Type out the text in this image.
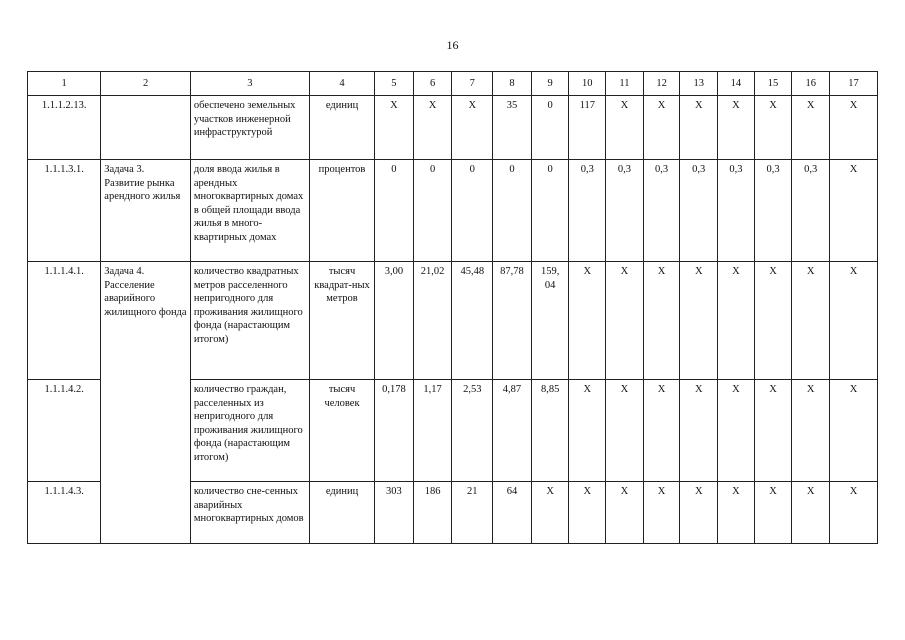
16
1	2	3	4	5	6	7	8	9	10	11	12	13	14	15	16	17
1.1.1.2.13.		обеспечено земельных участков инженерной инфраструктурой	единиц	Х	Х	Х	35	0	117	Х	Х	Х	Х	Х	Х	Х
1.1.1.3.1.	Задача 3. Развитие рынка арендного жилья	доля ввода жилья в арендных многоквартирных домах в общей площади ввода жилья в много-квартирных домах	процентов	0	0	0	0	0	0,3	0,3	0,3	0,3	0,3	0,3	0,3	Х
1.1.1.4.1.	Задача 4. Расселение аварийного жилищного фонда	количество квадратных метров расселенного непригодного для проживания жилищного фонда (нарастающим итогом)	тысяч квадрат-ных метров	3,00	21,02	45,48	87,78	159, 04	Х	Х	Х	Х	Х	Х	Х	Х
1.1.1.4.2.		количество граждан, расселенных из непригодного для проживания жилищного фонда (нарастающим итогом)	тысяч человек	0,178	1,17	2,53	4,87	8,85	Х	Х	Х	Х	Х	Х	Х	Х
1.1.1.4.3.		количество сне-сенных аварийных многоквартирных домов	единиц	303	186	21	64	Х	Х	Х	Х	Х	Х	Х	Х	Х
